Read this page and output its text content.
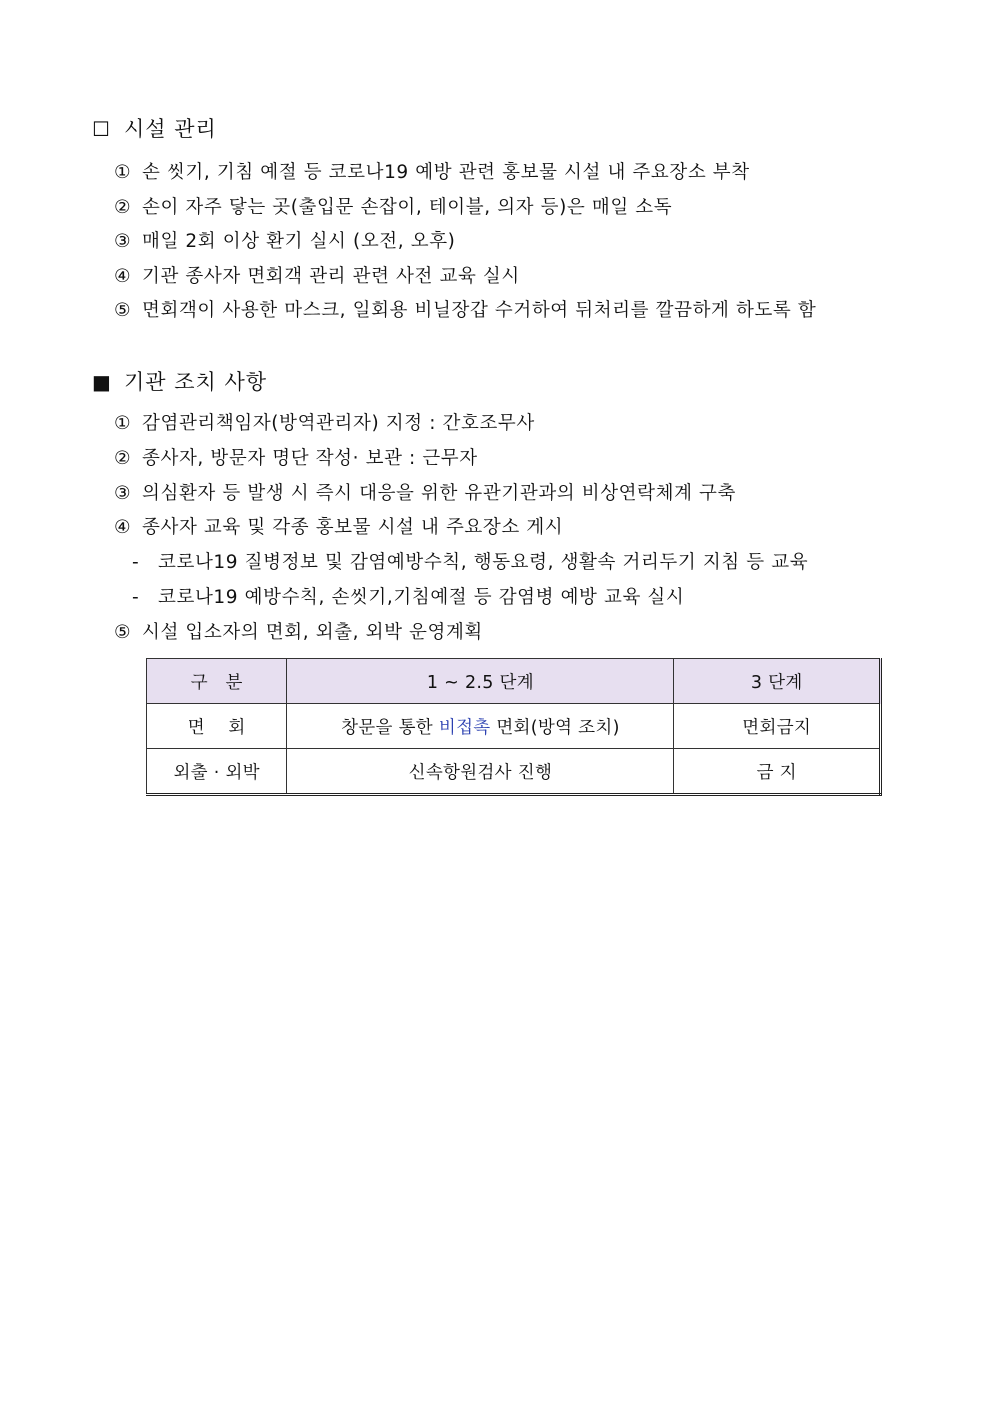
☐ 시설 관리
① 손 씻기, 기침 예절 등 코로나19 예방 관련 홍보물 시설 내 주요장소 부착
② 손이 자주 닿는 곳(출입문 손잡이, 테이블, 의자 등)은 매일 소독
③ 매일 2회 이상 환기 실시 (오전, 오후)
④ 기관 종사자 면회객 관리 관련 사전 교육 실시
⑤ 면회객이 사용한 마스크, 일회용 비닐장갑 수거하여 뒤처리를 깔끔하게 하도록 함
■ 기관 조치 사항
① 감염관리책임자(방역관리자) 지정 : 간호조무사
② 종사자, 방문자 명단 작성· 보관 : 근무자
③ 의심환자 등 발생 시 즉시 대응을 위한 유관기관과의 비상연락체계 구축
④ 종사자 교육 및 각종 홍보물 시설 내 주요장소 게시
- 코로나19 질병정보 및 감염예방수칙, 행동요령, 생활속 거리두기 지침 등 교육
- 코로나19 예방수칙, 손씻기,기침예절 등 감염병 예방 교육 실시
⑤ 시설 입소자의 면회, 외출, 외박 운영계획
구   분	1 ~ 2.5 단계	3 단계
면    회	창문을 통한 비접촉 면회(방역 조치)	면회금지
외출 · 외박	신속항원검사 진행	금 지
